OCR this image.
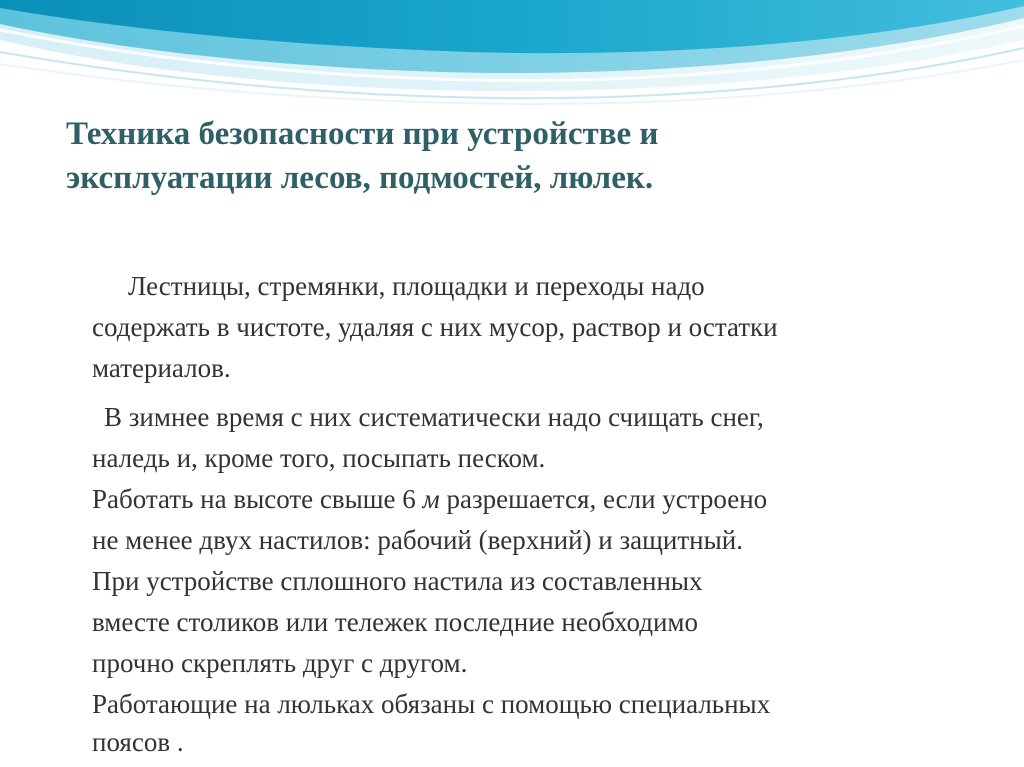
Техника безопасности при устройстве и
эксплуатации лесов, подмостей, люлек.

Лестницы, стремянки, площадки и переходы надо

содержать в чистоте, удаляя с них мусор, раствор и остатки

материалов.

В зимнее время с них систематически надо счищать снег,

наледь и, кроме того, посыпать песком.

Работать на высоте свыше 6 м разрешается, если устроено

не менее двух настилов: рабочий (верхний) и защитный.

При устройстве сплошного настила из составленных

вместе столиков или тележек последние необходимо

прочно скреплять друг с другом.

Работающие на люльках обязаны с помощью специальных

поясов .
